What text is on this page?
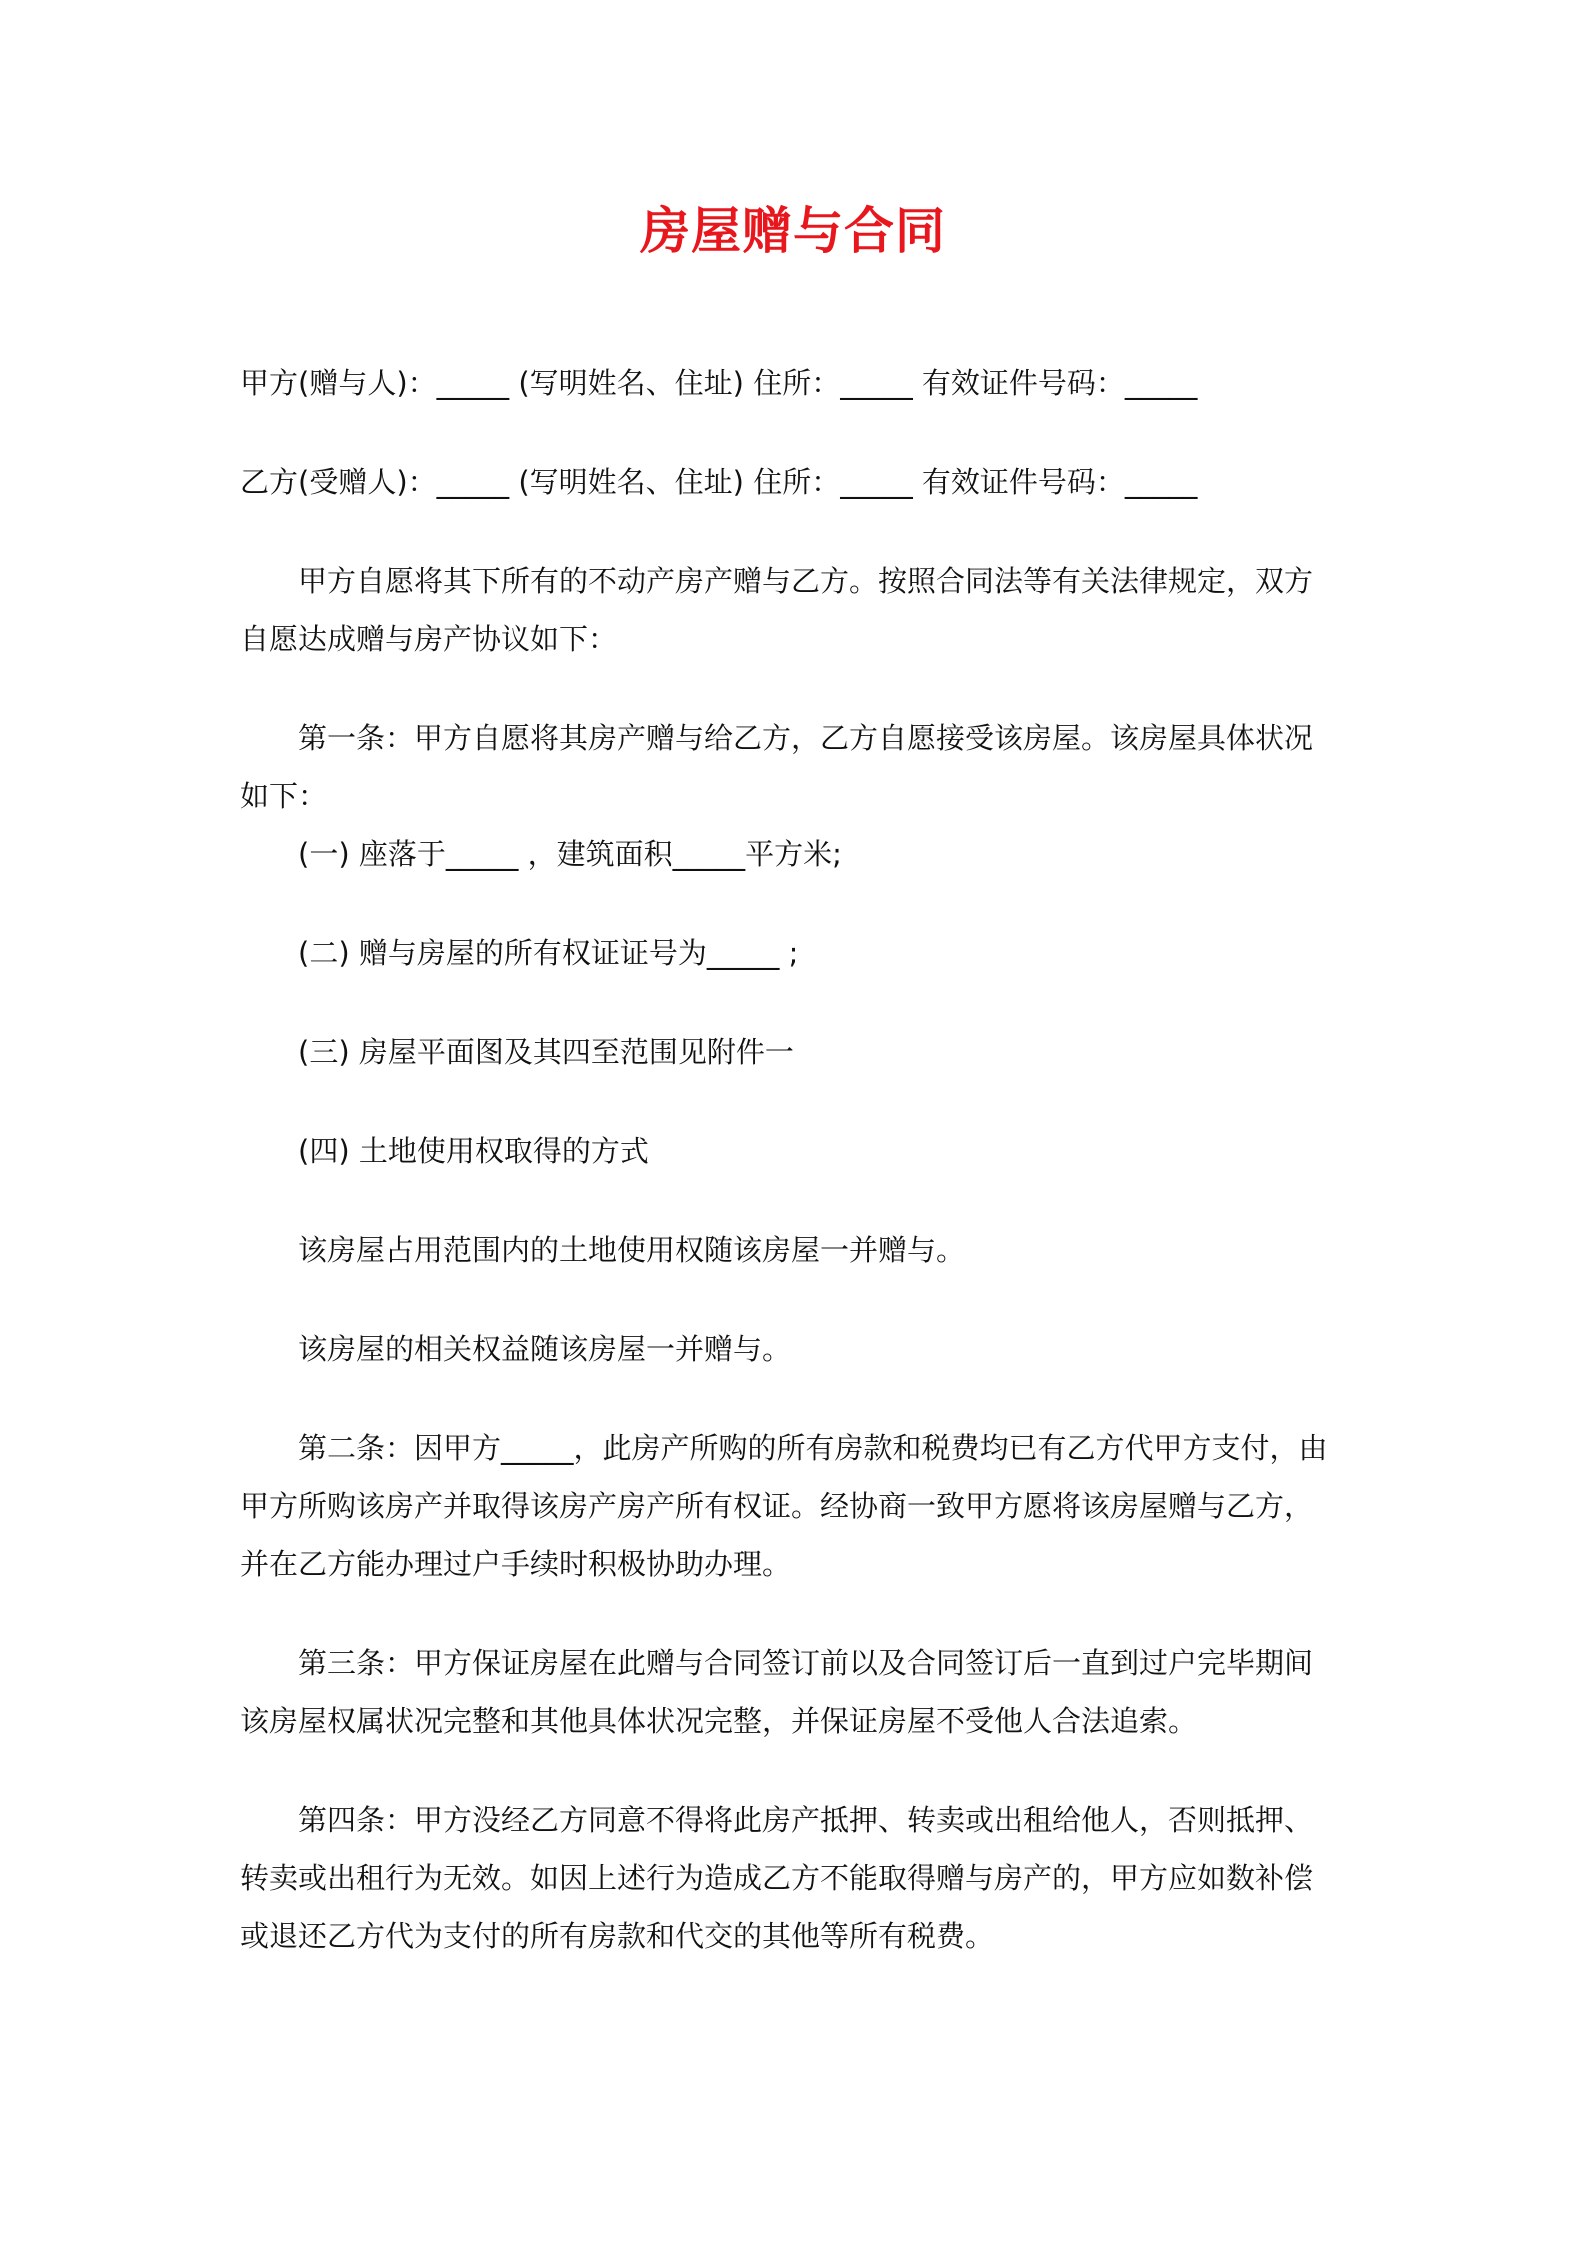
房屋赠与合同

甲方(赠与人)：_____ (写明姓名、住址) 住所：_____ 有效证件号码：_____

乙方(受赠人)：_____ (写明姓名、住址) 住所：_____ 有效证件号码：_____

甲方自愿将其下所有的不动产房产赠与乙方。按照合同法等有关法律规定，双方自愿达成赠与房产协议如下：

第一条：甲方自愿将其房产赠与给乙方，乙方自愿接受该房屋。该房屋具体状况如下：

(一) 座落于_____ ，建筑面积_____平方米;

(二) 赠与房屋的所有权证证号为_____ ;

(三) 房屋平面图及其四至范围见附件一

(四) 土地使用权取得的方式

该房屋占用范围内的土地使用权随该房屋一并赠与。

该房屋的相关权益随该房屋一并赠与。

第二条：因甲方_____，此房产所购的所有房款和税费均已有乙方代甲方支付，由甲方所购该房产并取得该房产房产所有权证。经协商一致甲方愿将该房屋赠与乙方，并在乙方能办理过户手续时积极协助办理。

第三条：甲方保证房屋在此赠与合同签订前以及合同签订后一直到过户完毕期间该房屋权属状况完整和其他具体状况完整，并保证房屋不受他人合法追索。

第四条：甲方没经乙方同意不得将此房产抵押、转卖或出租给他人，否则抵押、转卖或出租行为无效。如因上述行为造成乙方不能取得赠与房产的，甲方应如数补偿或退还乙方代为支付的所有房款和代交的其他等所有税费。
